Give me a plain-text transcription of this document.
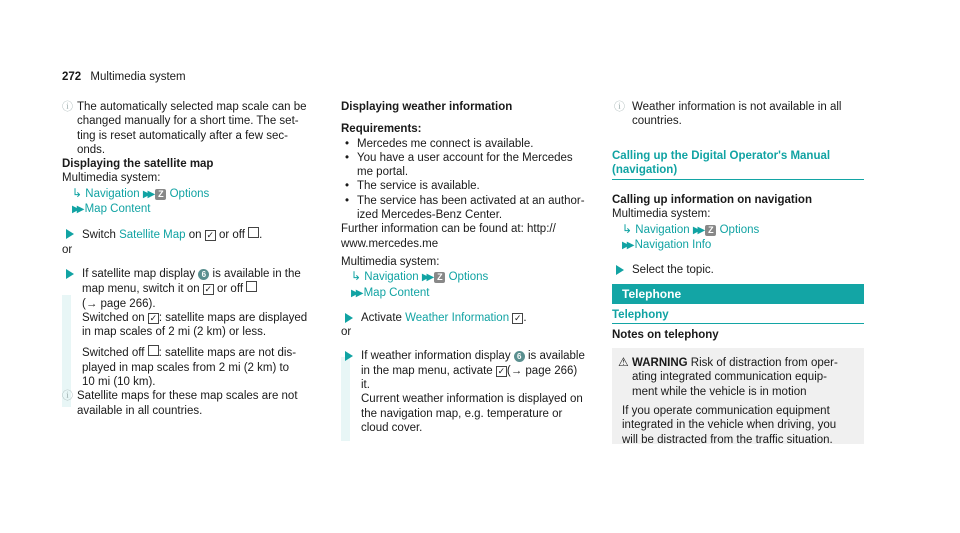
272 Multimedia system
ⓘ The automatically selected map scale can be
changed manually for a short time. The set-
ting is reset automatically after a few sec-
onds.
Displaying the satellite map
Multimedia system:
↳ Navigation ▶▶ Z Options
▶▶ Map Content
Switch Satellite Map on ✓ or off .
or
If satellite map display 6 is available in the
map menu, switch it on ✓ or off
(→ page 266).
Switched on ✓ : satellite maps are displayed
in map scales of 2 mi (2 km) or less.
Switched off : satellite maps are not dis-
played in map scales from 2 mi (2 km) to
10 mi (10 km).
ⓘ Satellite maps for these map scales are not
available in all countries.
Displaying weather information
Requirements:
• Mercedes me connect is available.
• You have a user account for the Mercedes
me portal.
• The service is available.
• The service has been activated at an author-
ized Mercedes-Benz Center.
Further information can be found at: http://
www.mercedes.me
Multimedia system:
↳ Navigation ▶▶ Z Options
▶▶ Map Content
Activate Weather Information ✓ .
or
If weather information display 6 is available
in the map menu, activate ✓ (→ page 266)
it.
Current weather information is displayed on
the navigation map, e.g. temperature or
cloud cover.
ⓘ Weather information is not available in all
countries.
Calling up the Digital Operator's Manual
(navigation)
Calling up information on navigation
Multimedia system:
↳ Navigation ▶▶ Z Options
▶▶ Navigation Info
Select the topic.
Telephone
Telephony
Notes on telephony
⚠ WARNING Risk of distraction from oper-
ating integrated communication equip-
ment while the vehicle is in motion
If you operate communication equipment
integrated in the vehicle when driving, you
will be distracted from the traffic situation.
